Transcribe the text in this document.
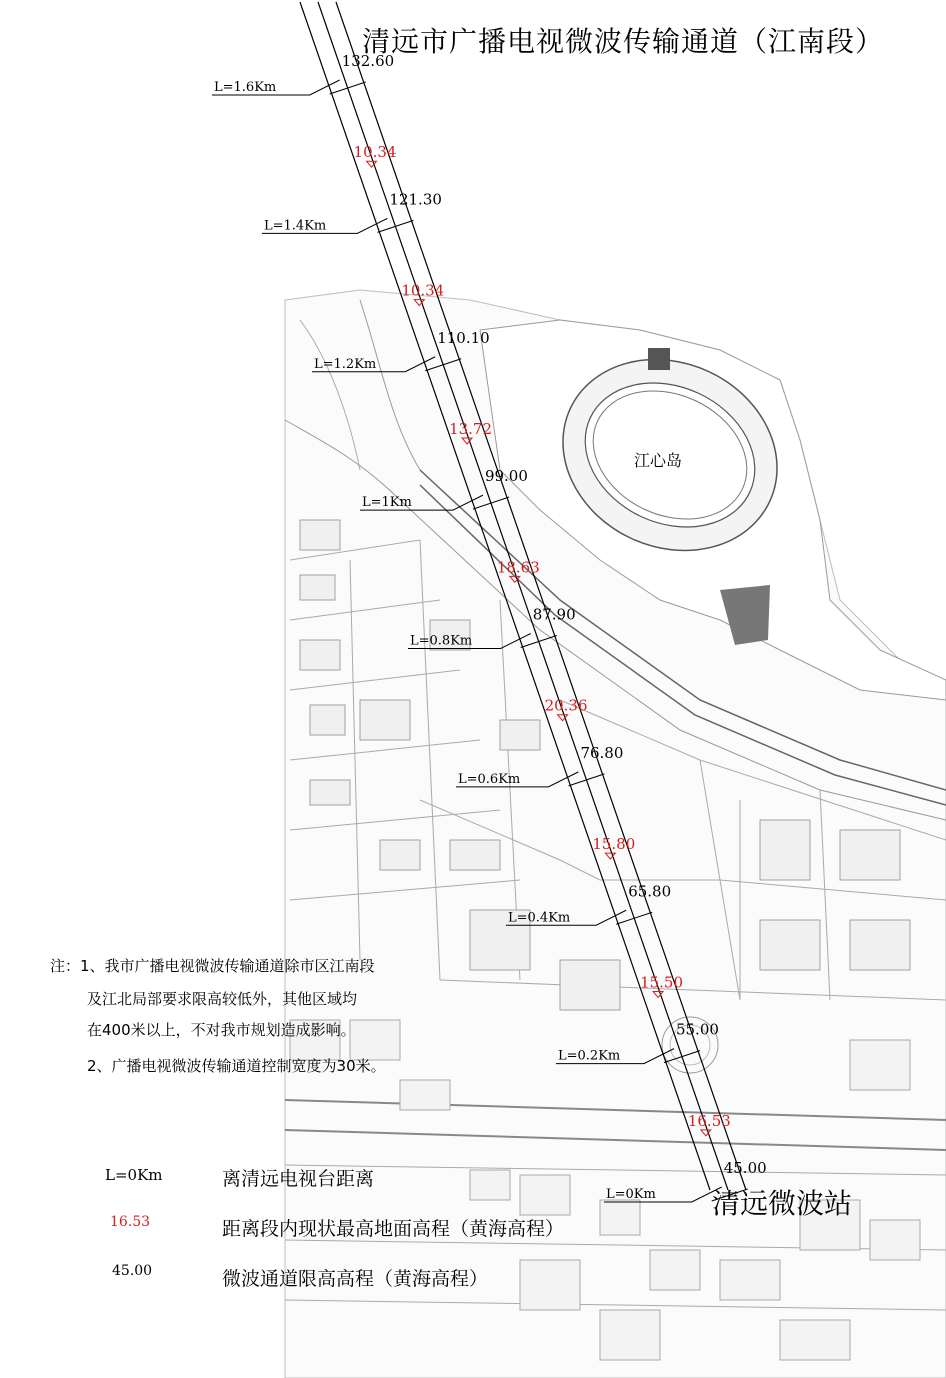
L=1.6Km
132.60
L=1.4Km
121.30
L=1.2Km
110.10
L=1Km
99.00
L=0.8Km
87.90
L=0.6Km
76.80
L=0.4Km
65.80
L=0.2Km
55.00
L=0Km
45.00
10.34
10.34
13.72
18.63
20.36
15.80
15.50
16.53
清远市广播电视微波传输通道（江南段）
江心岛
清远微波站
注：1、我市广播电视微波传输通道除市区江南段
及江北局部要求限高较低外，其他区域均
在400米以上，不对我市规划造成影响。
2、广播电视微波传输通道控制宽度为30米。
L=0Km	离清远电视台距离
16.53	距离段内现状最高地面高程（黄海高程）
45.00	微波通道限高高程（黄海高程）
